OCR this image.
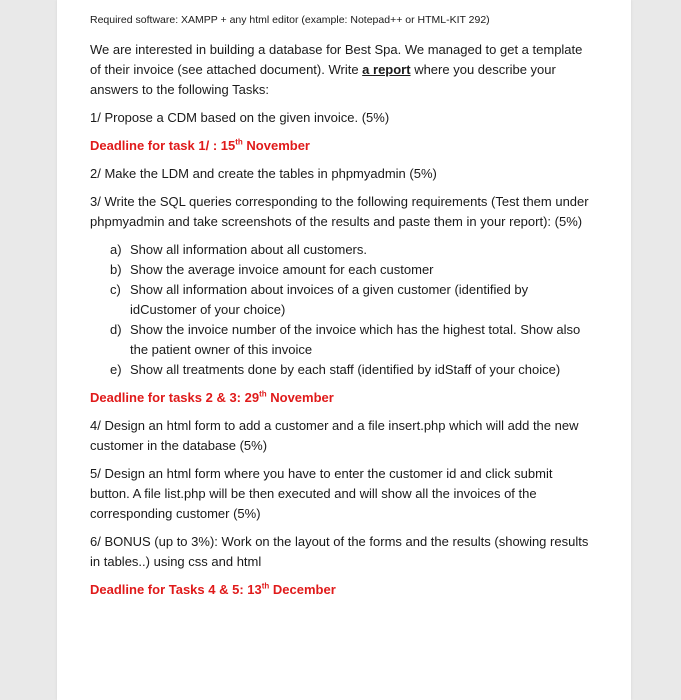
Required software: XAMPP + any html editor (example: Notepad++ or HTML-KIT 292)

We are interested in building a database for Best Spa. We managed to get a template of their invoice (see attached document). Write a report where you describe your answers to the following Tasks:

1/ Propose a CDM based on the given invoice. (5%)

Deadline for task 1/ : 15th November

2/ Make the LDM and create the tables in phpmyadmin (5%)

3/ Write the SQL queries corresponding to the following requirements (Test them under phpmyadmin and take screenshots of the results and paste them in your report): (5%)

a) Show all information about all customers.
b) Show the average invoice amount for each customer
c) Show all information about invoices of a given customer (identified by idCustomer of your choice)
d) Show the invoice number of the invoice which has the highest total. Show also the patient owner of this invoice
e) Show all treatments done by each staff (identified by idStaff of your choice)

Deadline for tasks 2 & 3: 29th November

4/ Design an html form to add a customer and a file insert.php which will add the new customer in the database (5%)

5/ Design an html form where you have to enter the customer id and click submit button. A file list.php will be then executed and will show all the invoices of the corresponding customer (5%)

6/ BONUS (up to 3%): Work on the layout of the forms and the results (showing results in tables..) using css and html

Deadline for Tasks 4 & 5: 13th December
